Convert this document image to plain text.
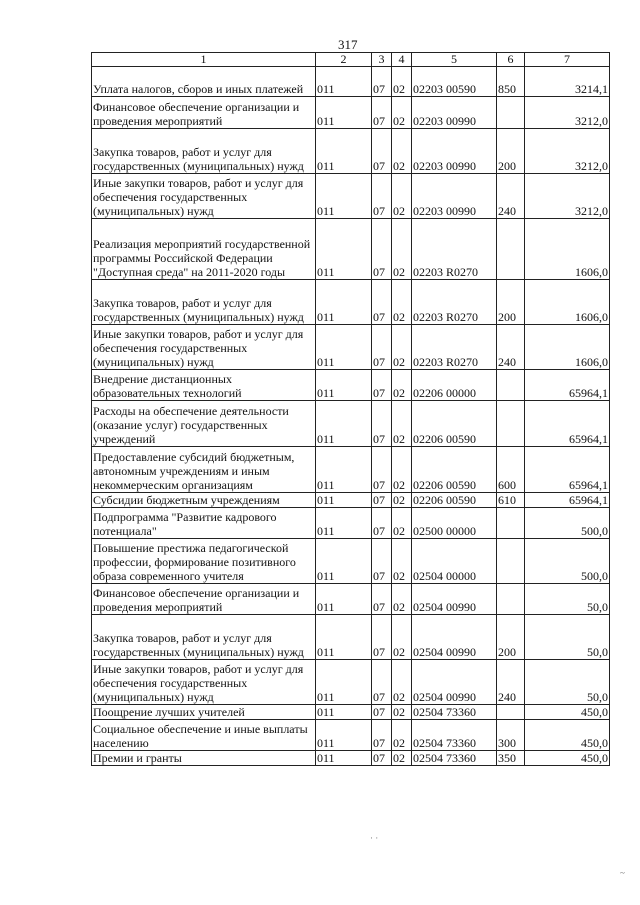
317
1	2	3	4	5	6	7
Уплата налогов, сборов и иных платежей	011	07	02	02203 00590	850	3214,1
Финансовое обеспечение организации и проведения мероприятий	011	07	02	02203 00990		3212,0
Закупка товаров, работ и услуг для государственных (муниципальных) нужд	011	07	02	02203 00990	200	3212,0
Иные закупки товаров, работ и услуг для обеспечения государственных (муниципальных) нужд	011	07	02	02203 00990	240	3212,0
Реализация мероприятий государственной программы Российской Федерации "Доступная среда" на 2011-2020 годы	011	07	02	02203 R0270		1606,0
Закупка товаров, работ и услуг для государственных (муниципальных) нужд	011	07	02	02203 R0270	200	1606,0
Иные закупки товаров, работ и услуг для обеспечения государственных (муниципальных) нужд	011	07	02	02203 R0270	240	1606,0
Внедрение дистанционных образовательных технологий	011	07	02	02206 00000		65964,1
Расходы на обеспечение деятельности (оказание услуг) государственных учреждений	011	07	02	02206 00590		65964,1
Предоставление субсидий бюджетным, автономным учреждениям и иным некоммерческим организациям	011	07	02	02206 00590	600	65964,1
Субсидии бюджетным учреждениям	011	07	02	02206 00590	610	65964,1
Подпрограмма "Развитие кадрового потенциала"	011	07	02	02500 00000		500,0
Повышение престижа педагогической профессии, формирование позитивного образа современного учителя	011	07	02	02504 00000		500,0
Финансовое обеспечение организации и проведения мероприятий	011	07	02	02504 00990		50,0
Закупка товаров, работ и услуг для государственных (муниципальных) нужд	011	07	02	02504 00990	200	50,0
Иные закупки товаров, работ и услуг для обеспечения государственных (муниципальных) нужд	011	07	02	02504 00990	240	50,0
Поощрение лучших учителей	011	07	02	02504 73360		450,0
Социальное обеспечение и иные выплаты населению	011	07	02	02504 73360	300	450,0
Премии и гранты	011	07	02	02504 73360	350	450,0
· ·
~
